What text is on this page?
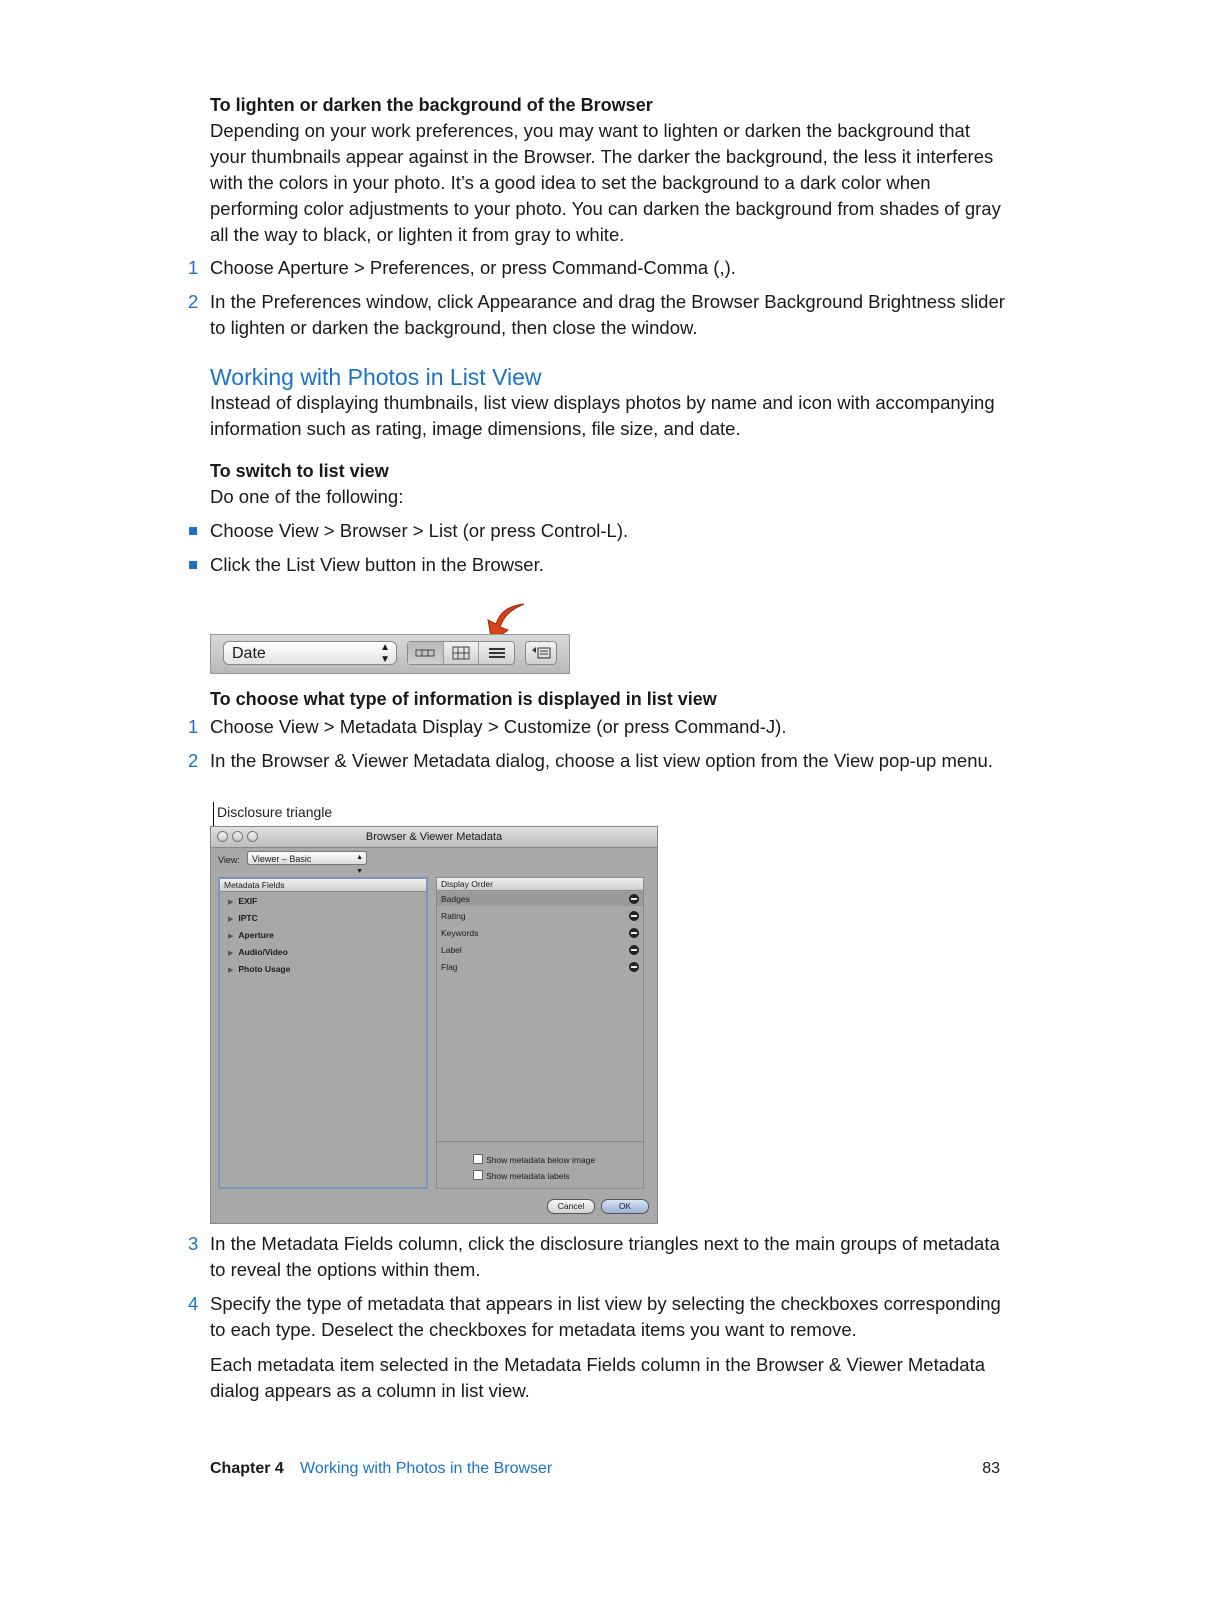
To lighten or darken the background of the Browser
Depending on your work preferences, you may want to lighten or darken the background that your thumbnails appear against in the Browser. The darker the background, the less it interferes with the colors in your photo. It’s a good idea to set the background to a dark color when performing color adjustments to your photo. You can darken the background from shades of gray all the way to black, or lighten it from gray to white.
1 Choose Aperture > Preferences, or press Command-Comma (,).
2 In the Preferences window, click Appearance and drag the Browser Background Brightness slider to lighten or darken the background, then close the window.
Working with Photos in List View
Instead of displaying thumbnails, list view displays photos by name and icon with accompanying information such as rating, image dimensions, file size, and date.
To switch to list view
Do one of the following:
Choose View > Browser > List (or press Control-L).
Click the List View button in the Browser.
Date	▲
▼
To choose what type of information is displayed in list view
1 Choose View > Metadata Display > Customize (or press Command-J).
2 In the Browser & Viewer Metadata dialog, choose a list view option from the View pop-up menu.
Disclosure triangle
Browser & Viewer Metadata
View:	Viewer – Basic	▲
▼
Metadata Fields
▶ EXIF
▶ IPTC
▶ Aperture
▶ Audio/Video
▶ Photo Usage
Display Order
Badges
Rating
Keywords
Label
Flag
Show metadata below image
Show metadata labels
Cancel	OK
3 In the Metadata Fields column, click the disclosure triangles next to the main groups of metadata to reveal the options within them.
4 Specify the type of metadata that appears in list view by selecting the checkboxes corresponding to each type. Deselect the checkboxes for metadata items you want to remove.
Each metadata item selected in the Metadata Fields column in the Browser & Viewer Metadata dialog appears as a column in list view.
Chapter 4 Working with Photos in the Browser	83
